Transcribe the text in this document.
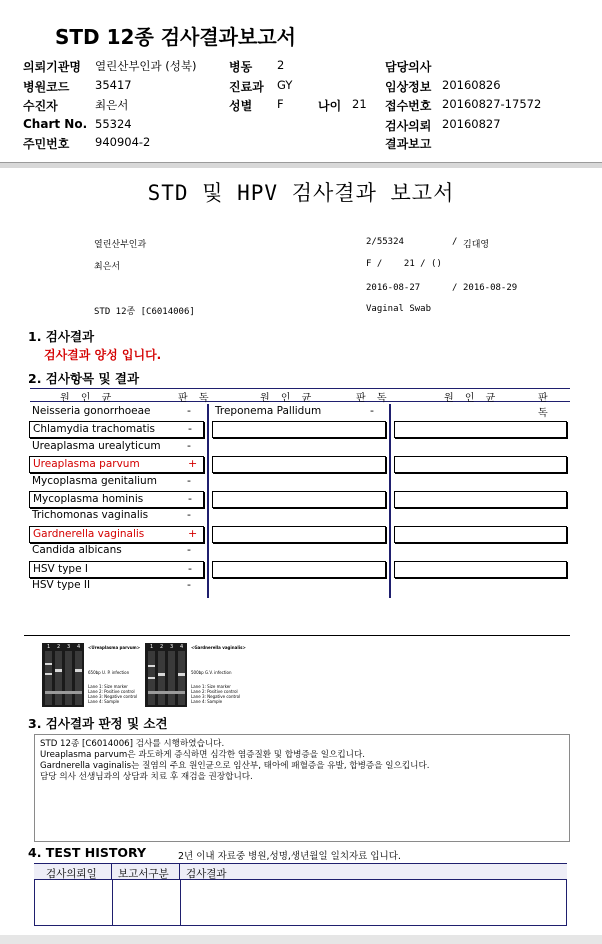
STD 12종 검사결과보고서
의뢰기관명 열린산부인과 (성북)	병동 2	담당의사
병원코드 35417	진료과 GY	임상정보 20160826
수진자	최은서	성별 F	나이 21 접수번호 20160827-17572
Chart No. 55324	검사의뢰 20160827
주민번호 940904-2	결과보고
STD 및 HPV 검사결과 보고서
열린산부인과	2/55324	/ 김대영
최은서	F /    21 / ()
2016-08-27	/ 2016-08-29
STD 12종 [C6014006]	Vaginal Swab
1. 검사결과
검사결과 양성 입니다.
2. 검사항목 및 결과
원 인 균	판 독	원 인 균	판 독	원 인 균	판 독
Neisseria gonorrhoeae	-
Chlamydia trachomatis	-
Ureaplasma urealyticum -
Ureaplasma parvum	+
Mycoplasma genitalium	-
Mycoplasma hominis	-
Trichomonas vaginalis	-
Gardnerella vaginalis	+
Candida albicans	-
HSV type I	-
HSV type II	-
Treponema Pallidum	-
1 2 3 4	1 2 3 4
<Ureaplasma parvum>
650bp U. P. infection
<Gardnerella vaginalis>
500bp G.V. infection
Lane 1: Size marker
Lane 2: Positive control
Lane 3: Negative control
Lane 4: Sample
Lane 1: Size marker
Lane 2: Positive control
Lane 3: Negative control
Lane 4: Sample
3. 검사결과 판정 및 소견
STD 12종 [C6014006] 검사를 시행하였습니다.
Ureaplasma parvum은 과도하게 증식하면 심각한 염증질환 및 합병증을 일으킵니다.
Gardnerella vaginalis는 질염의 주요 원인균으로 임산부, 태아에 패혈증을 유발, 합병증을 일으킵니다.
담당 의사 선생님과의 상담과 치료 후 재검을 권장합니다.
4. TEST HISTORY	2년 이내 자료중 병원,성명,생년월일 일치자료 입니다.
검사의뢰일 보고서구분 검사결과
